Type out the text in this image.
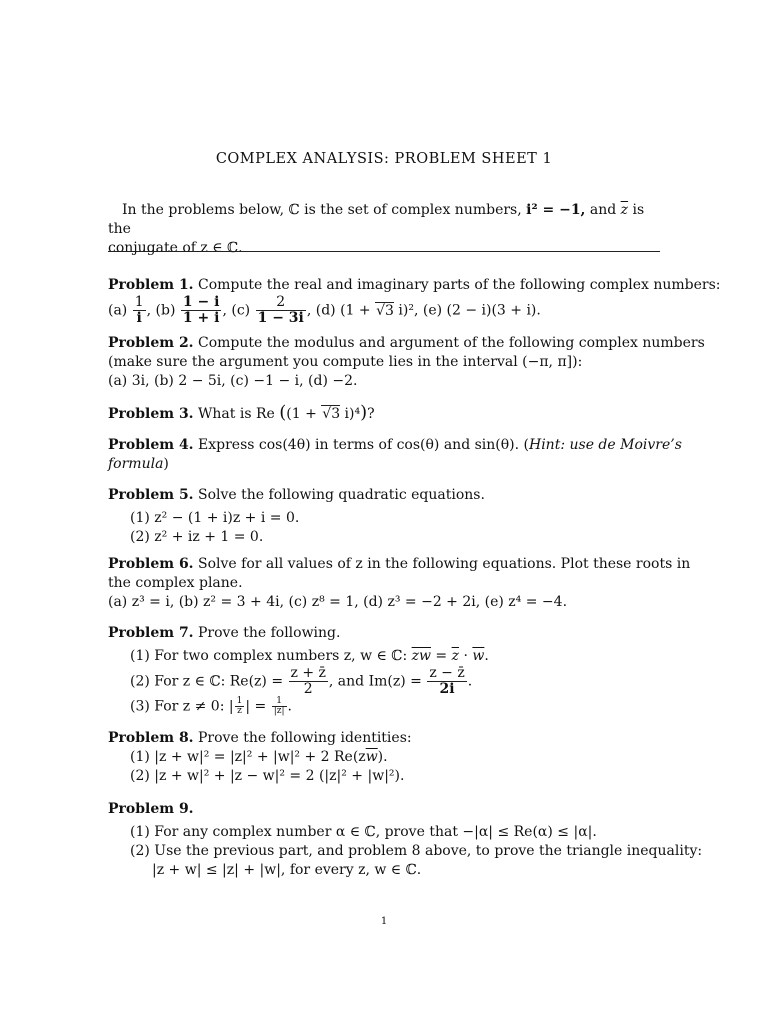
COMPLEX ANALYSIS: PROBLEM SHEET 1

In the problems below, ℂ is the set of complex numbers, i² = −1, and $\overline{z}$ is the

conjugate of z ∈ ℂ.
Problem 1. Compute the real and imaginary parts of the following complex numbers:
$(a) \frac{1}{i}$ , $(b) \frac{1 - i}{1 + i}$ , $(c) \frac{2}{1 - 3i}$ , (d) (1 + √3 i)², (e) (2 − i)(3 + i).
Problem 2. Compute the modulus and argument of the following complex numbers
(make sure the argument you compute lies in the interval (−π, π]):
(a) 3i, (b) 2 − 5i, (c) −1 − i, (d) −2.
Problem 3. What is Re ((1 + √3 i)⁴)?
Problem 4. Express cos(4θ) in terms of cos(θ) and sin(θ). (Hint: use de Moivre’s
formula)
Problem 5. Solve the following quadratic equations.
(1) z² − (1 + i)z + i = 0.
(2) z² + iz + 1 = 0.
Problem 6. Solve for all values of z in the following equations. Plot these roots in
the complex plane.
(a) z³ = i, (b) z² = 3 + 4i, (c) z⁸ = 1, (d) z³ = −2 + 2i, (e) z⁴ = −4.
Problem 7. Prove the following.
(1) For two complex numbers z, w ∈ ℂ: $\overline{zw} = \overline{z} \cdot \overline{w}$.
(2) For z ∈ ℂ: $Re(z) = \frac{z + z̄}{2}$ , and $Im(z) = \frac{z - z̄}{2i}$ .
(3) For z ≠ 0: | $\frac{1}{z}$ | = $\frac{1}{|z|}$ .
Problem 8. Prove the following identities:
(1) |z + w|² = |z|² + |w|² + 2 $Re(z\overline{w})$.
(2) |z + w|² + |z − w|² = 2 (|z|² + |w|²).
Problem 9.
(1) For any complex number α ∈ ℂ, prove that −|α| ≤ Re(α) ≤ |α|.
(2) Use the previous part, and problem 8 above, to prove the triangle inequality:
|z + w| ≤ |z| + |w|, for every z, w ∈ ℂ.
1
